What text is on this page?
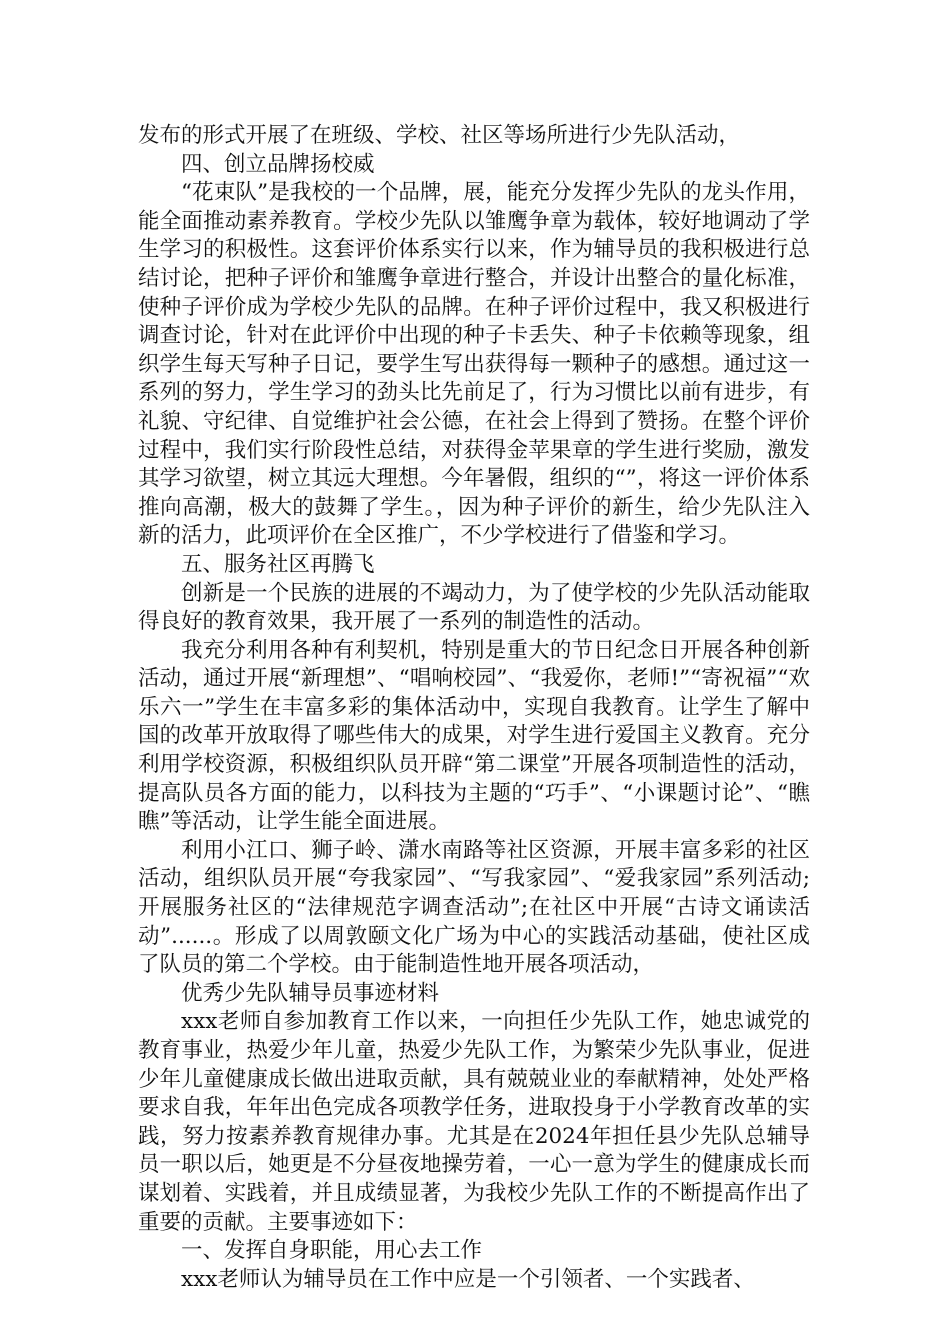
发布的形式开展了在班级、学校、社区等场所进行少先队活动，

四、创立品牌扬校威

“花束队”是我校的一个品牌，展，能充分发挥少先队的龙头作用，能全面推动素养教育。学校少先队以雏鹰争章为载体，较好地调动了学生学习的积极性。这套评价体系实行以来，作为辅导员的我积极进行总结讨论，把种子评价和雏鹰争章进行整合，并设计出整合的量化标准，使种子评价成为学校少先队的品牌。在种子评价过程中，我又积极进行调查讨论，针对在此评价中出现的种子卡丢失、种子卡依赖等现象，组织学生每天写种子日记，要学生写出获得每一颗种子的感想。通过这一系列的努力，学生学习的劲头比先前足了，行为习惯比以前有进步，有礼貌、守纪律、自觉维护社会公德，在社会上得到了赞扬。在整个评价过程中，我们实行阶段性总结，对获得金苹果章的学生进行奖励，激发其学习欲望，树立其远大理想。今年暑假，组织的“”，将这一评价体系推向高潮，极大的鼓舞了学生。，因为种子评价的新生，给少先队注入新的活力，此项评价在全区推广，不少学校进行了借鉴和学习。

五、服务社区再腾飞

创新是一个民族的进展的不竭动力，为了使学校的少先队活动能取得良好的教育效果，我开展了一系列的制造性的活动。

我充分利用各种有利契机，特别是重大的节日纪念日开展各种创新活动，通过开展“新理想”、“唱响校园”、“我爱你，老师!”“寄祝福”“欢乐六一”学生在丰富多彩的集体活动中，实现自我教育。让学生了解中国的改革开放取得了哪些伟大的成果，对学生进行爱国主义教育。充分利用学校资源，积极组织队员开辟“第二课堂”开展各项制造性的活动，提高队员各方面的能力，以科技为主题的“巧手”、“小课题讨论”、“瞧瞧”等活动，让学生能全面进展。

利用小江口、狮子岭、潇水南路等社区资源，开展丰富多彩的社区活动，组织队员开展“夸我家园”、“写我家园”、“爱我家园”系列活动;开展服务社区的“法律规范字调查活动”;在社区中开展“古诗文诵读活动”......。形成了以周敦颐文化广场为中心的实践活动基础，使社区成了队员的第二个学校。由于能制造性地开展各项活动，

优秀少先队辅导员事迹材料

xxx老师自参加教育工作以来，一向担任少先队工作，她忠诚党的教育事业，热爱少年儿童，热爱少先队工作，为繁荣少先队事业，促进少年儿童健康成长做出进取贡献，具有兢兢业业的奉献精神，处处严格要求自我，年年出色完成各项教学任务，进取投身于小学教育改革的实践，努力按素养教育规律办事。尤其是在2024年担任县少先队总辅导员一职以后，她更是不分昼夜地操劳着，一心一意为学生的健康成长而谋划着、实践着，并且成绩显著，为我校少先队工作的不断提高作出了重要的贡献。主要事迹如下：

一、发挥自身职能，用心去工作

xxx老师认为辅导员在工作中应是一个引领者、一个实践者、
